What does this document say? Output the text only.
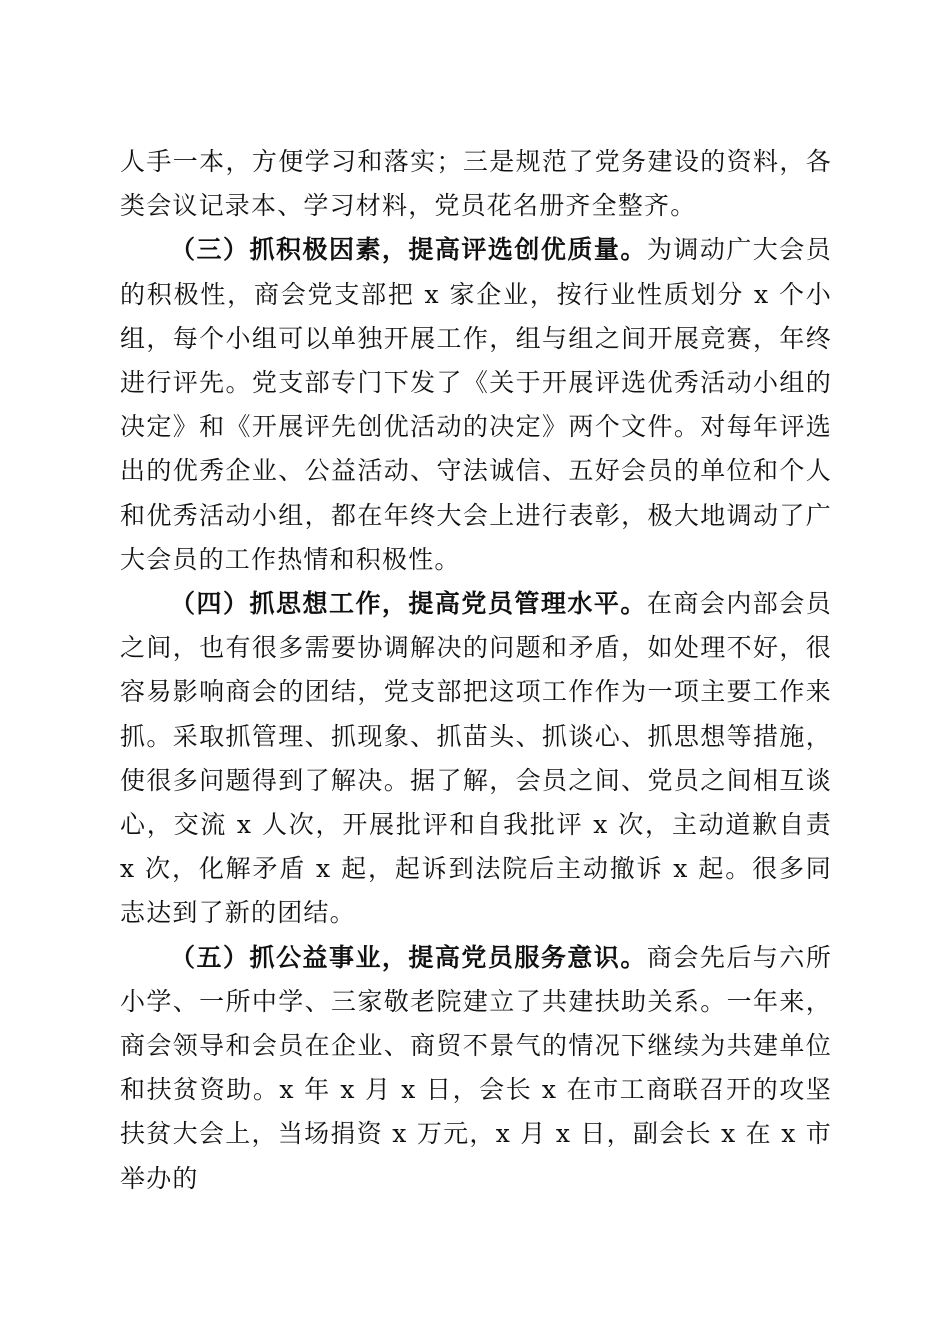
人手一本，方便学习和落实；三是规范了党务建设的资料，各类会议记录本、学习材料，党员花名册齐全整齐。

（三）抓积极因素，提高评选创优质量。为调动广大会员的积极性，商会党支部把 x 家企业，按行业性质划分 x 个小组，每个小组可以单独开展工作，组与组之间开展竞赛，年终进行评先。党支部专门下发了《关于开展评选优秀活动小组的决定》和《开展评先创优活动的决定》两个文件。对每年评选出的优秀企业、公益活动、守法诚信、五好会员的单位和个人和优秀活动小组，都在年终大会上进行表彰，极大地调动了广大会员的工作热情和积极性。

（四）抓思想工作，提高党员管理水平。在商会内部会员之间，也有很多需要协调解决的问题和矛盾，如处理不好，很容易影响商会的团结，党支部把这项工作作为一项主要工作来抓。采取抓管理、抓现象、抓苗头、抓谈心、抓思想等措施，使很多问题得到了解决。据了解，会员之间、党员之间相互谈心，交流 x 人次，开展批评和自我批评 x 次，主动道歉自责 x 次，化解矛盾 x 起，起诉到法院后主动撤诉 x 起。很多同志达到了新的团结。

（五）抓公益事业，提高党员服务意识。商会先后与六所小学、一所中学、三家敬老院建立了共建扶助关系。一年来，商会领导和会员在企业、商贸不景气的情况下继续为共建单位和扶贫资助。x 年 x 月 x 日，会长 x 在市工商联召开的攻坚扶贫大会上，当场捐资 x 万元，x 月 x 日，副会长 x 在 x 市举办的
